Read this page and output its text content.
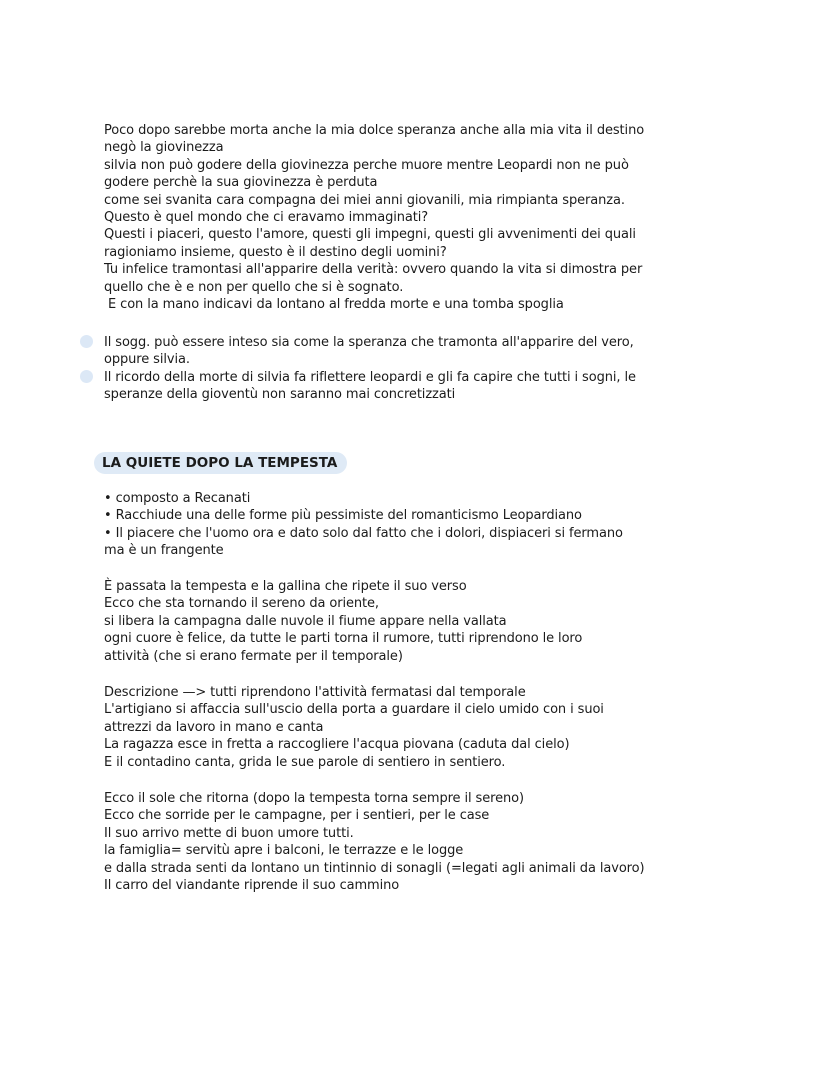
Poco dopo sarebbe morta anche la mia dolce speranza anche alla mia vita il destino
negò la giovinezza
silvia non può godere della giovinezza perche muore mentre Leopardi non ne può
godere perchè la sua giovinezza è perduta
come sei svanita cara compagna dei miei anni giovanili, mia rimpianta speranza.
Questo è quel mondo che ci eravamo immaginati?
Questi i piaceri, questo l'amore, questi gli impegni, questi gli avvenimenti dei quali
ragioniamo insieme, questo è il destino degli uomini?
Tu infelice tramontasi all'apparire della verità: ovvero quando la vita si dimostra per
quello che è e non per quello che si è sognato.
E con la mano indicavi da lontano al fredda morte e una tomba spoglia
Il sogg. può essere inteso sia come la speranza che tramonta all'apparire del vero,
oppure silvia.
Il ricordo della morte di silvia fa riflettere leopardi e gli fa capire che tutti i sogni, le
speranze della gioventù non saranno mai concretizzati
LA QUIETE DOPO LA TEMPESTA
• composto a Recanati
• Racchiude una delle forme più pessimiste del romanticismo Leopardiano
• Il piacere che l'uomo ora e dato solo dal fatto che i dolori, dispiaceri si fermano
ma è un frangente
È passata la tempesta e la gallina che ripete il suo verso
Ecco che sta tornando il sereno da oriente,
si libera la campagna dalle nuvole il fiume appare nella vallata
ogni cuore è felice, da tutte le parti torna il rumore, tutti riprendono le loro
attività (che si erano fermate per il temporale)
Descrizione —> tutti riprendono l'attività fermatasi dal temporale
L'artigiano si affaccia sull'uscio della porta a guardare il cielo umido con i suoi
attrezzi da lavoro in mano e canta
La ragazza esce in fretta a raccogliere l'acqua piovana (caduta dal cielo)
E il contadino canta, grida le sue parole di sentiero in sentiero.
Ecco il sole che ritorna (dopo la tempesta torna sempre il sereno)
Ecco che sorride per le campagne, per i sentieri, per le case
Il suo arrivo mette di buon umore tutti.
la famiglia= servitù apre i balconi, le terrazze e le logge
e dalla strada senti da lontano un tintinnio di sonagli (=legati agli animali da lavoro)
Il carro del viandante riprende il suo cammino
